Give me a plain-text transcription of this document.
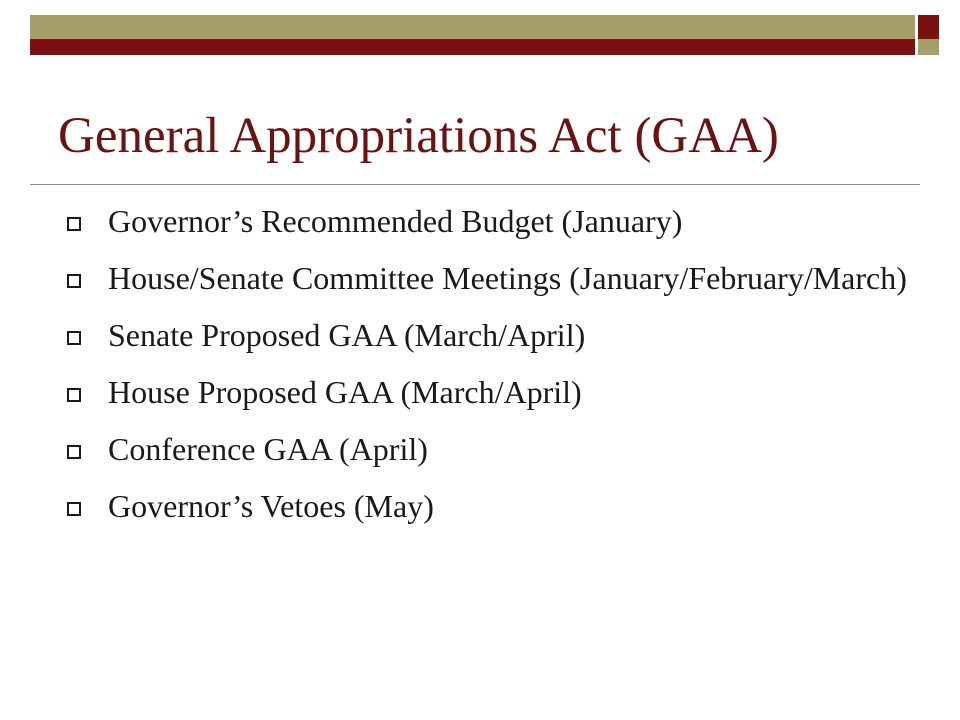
General Appropriations Act (GAA)
Governor’s Recommended Budget (January)
House/Senate Committee Meetings (January/February/March)
Senate Proposed GAA (March/April)
House Proposed GAA (March/April)
Conference GAA (April)
Governor’s Vetoes (May)
